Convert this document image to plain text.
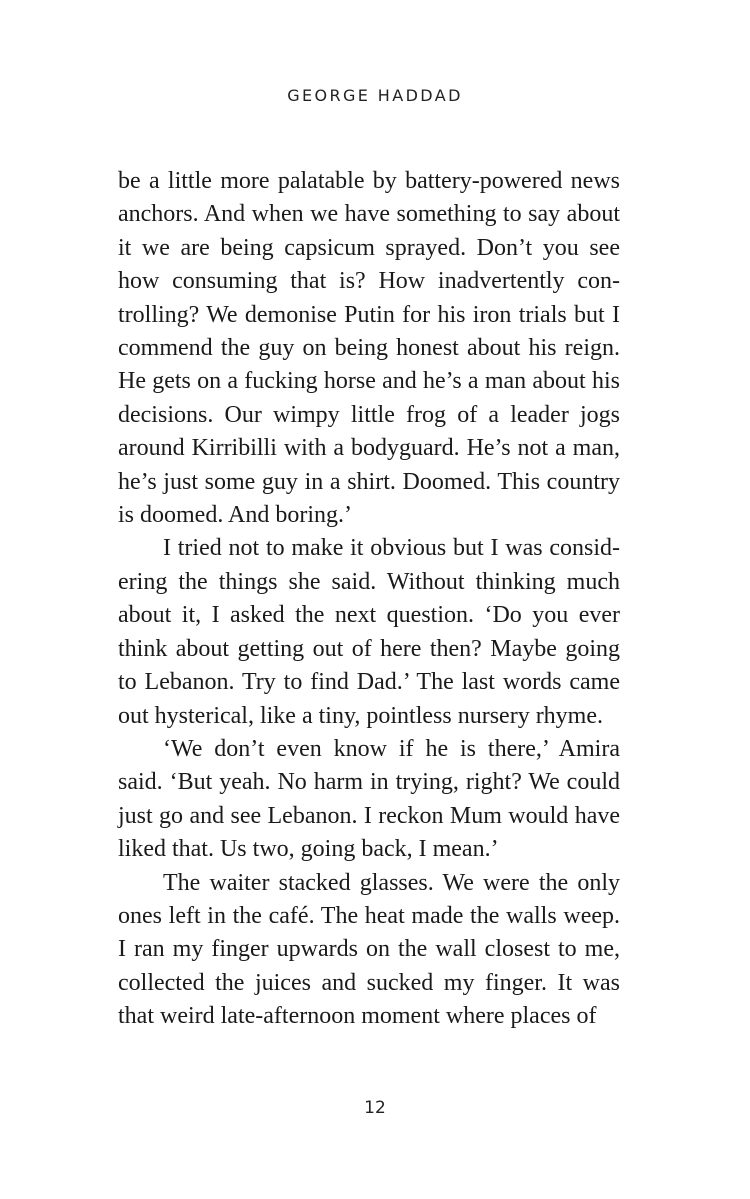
GEORGE HADDAD

be a little more palatable by battery-powered news anchors. And when we have something to say about it we are being capsicum sprayed. Don’t you see how consuming that is? How inadvertently controlling? We demonise Putin for his iron trials but I commend the guy on being honest about his reign. He gets on a fucking horse and he’s a man about his decisions. Our wimpy little frog of a leader jogs around Kirribilli with a bodyguard. He’s not a man, he’s just some guy in a shirt. Doomed. This country is doomed. And boring.’

I tried not to make it obvious but I was considering the things she said. Without thinking much about it, I asked the next question. ‘Do you ever think about getting out of here then? Maybe going to Lebanon. Try to find Dad.’ The last words came out hysterical, like a tiny, pointless nursery rhyme.

‘We don’t even know if he is there,’ Amira said. ‘But yeah. No harm in trying, right? We could just go and see Lebanon. I reckon Mum would have liked that. Us two, going back, I mean.’

The waiter stacked glasses. We were the only ones left in the café. The heat made the walls weep. I ran my finger upwards on the wall closest to me, collected the juices and sucked my finger. It was that weird late-afternoon moment where places of

12
